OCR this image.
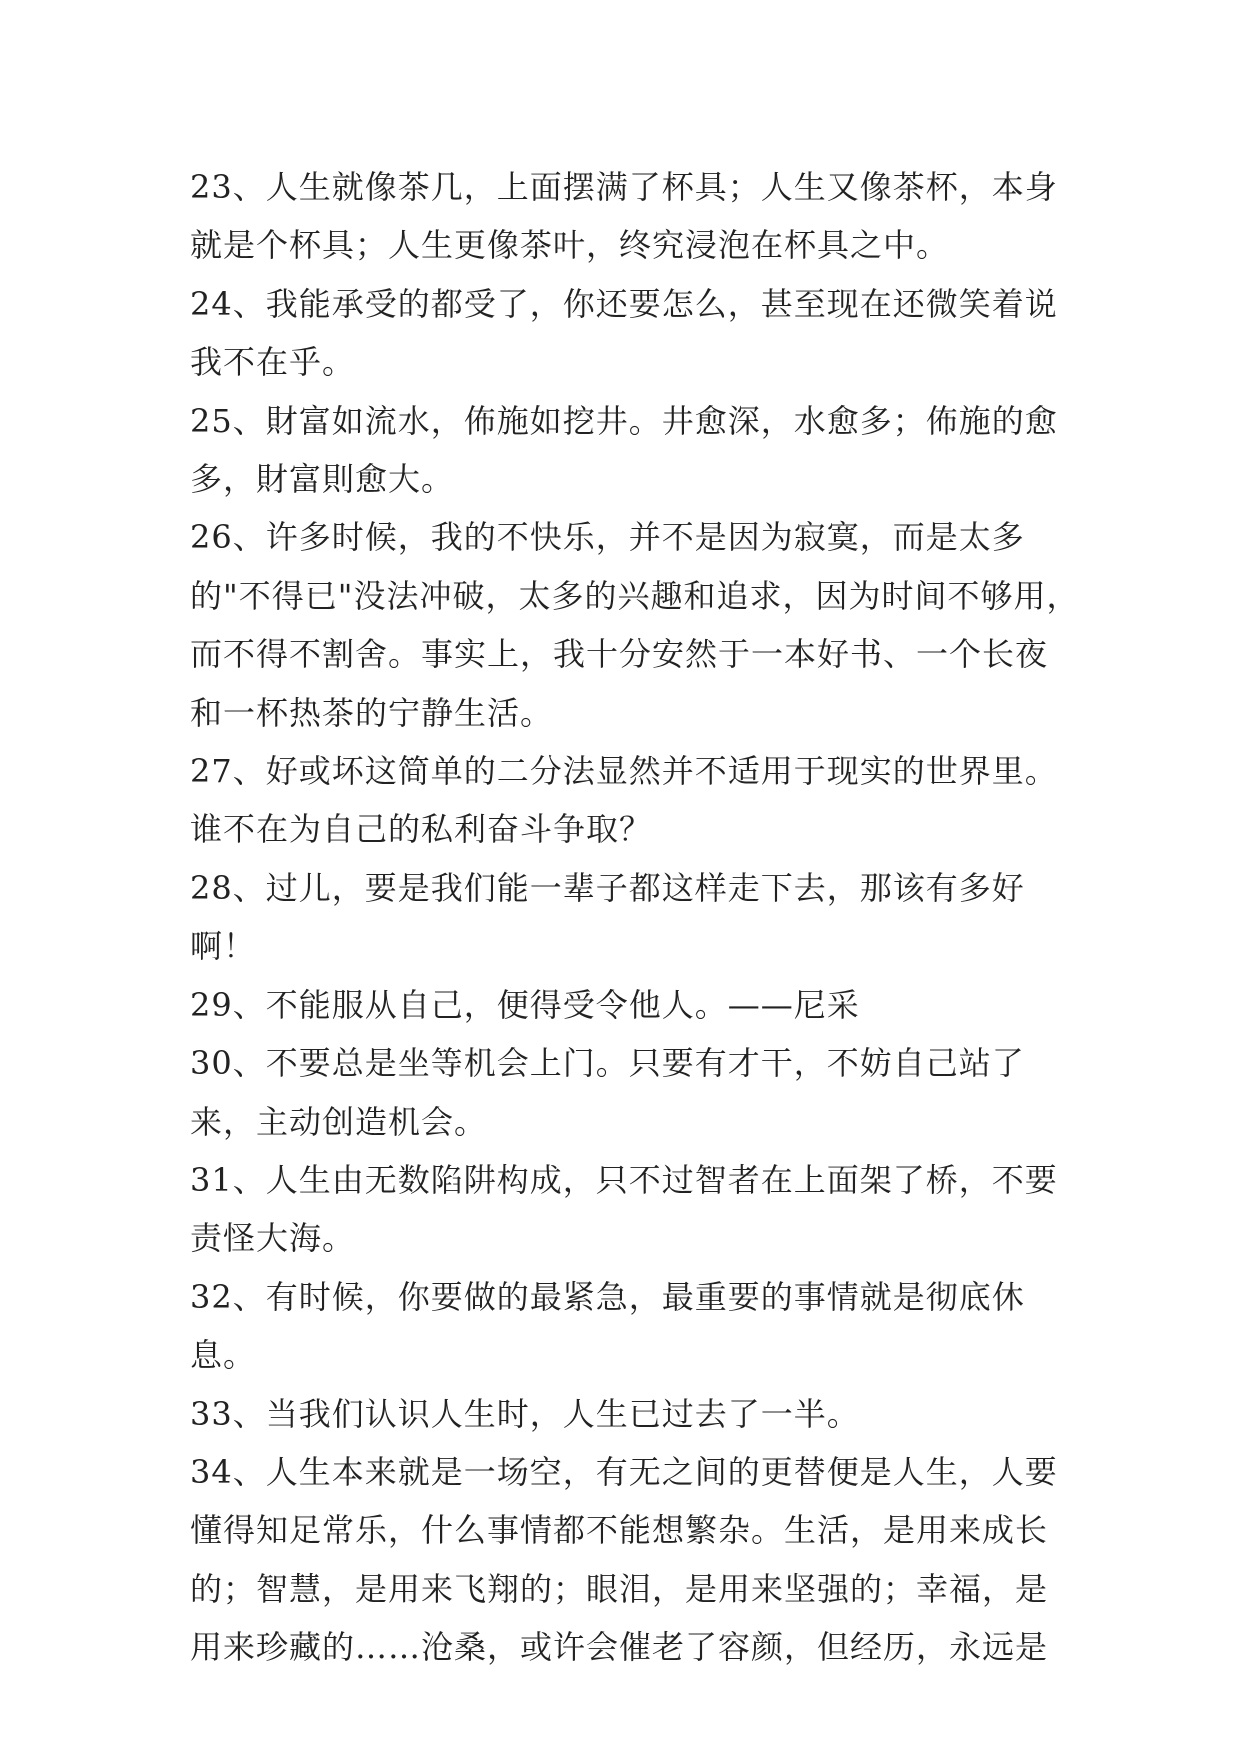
23、人生就像茶几，上面摆满了杯具；人生又像茶杯，本身就是个杯具；人生更像茶叶，终究浸泡在杯具之中。

24、我能承受的都受了，你还要怎么，甚至现在还微笑着说我不在乎。

25、財富如流水，佈施如挖井。井愈深，水愈多；佈施的愈多，財富則愈大。

26、许多时候，我的不快乐，并不是因为寂寞，而是太多的"不得已"没法冲破，太多的兴趣和追求，因为时间不够用，而不得不割舍。事实上，我十分安然于一本好书、一个长夜和一杯热茶的宁静生活。

27、好或坏这简单的二分法显然并不适用于现实的世界里。谁不在为自己的私利奋斗争取？

28、过儿，要是我们能一辈子都这样走下去，那该有多好啊！

29、不能服从自己，便得受令他人。——尼采

30、不要总是坐等机会上门。只要有才干，不妨自己站了来，主动创造机会。

31、人生由无数陷阱构成，只不过智者在上面架了桥，不要责怪大海。

32、有时候，你要做的最紧急，最重要的事情就是彻底休息。

33、当我们认识人生时，人生已过去了一半。

34、人生本来就是一场空，有无之间的更替便是人生，人要懂得知足常乐，什么事情都不能想繁杂。生活，是用来成长的；智慧，是用来飞翔的；眼泪，是用来坚强的；幸福，是用来珍藏的……沧桑，或许会催老了容颜，但经历，永远是
